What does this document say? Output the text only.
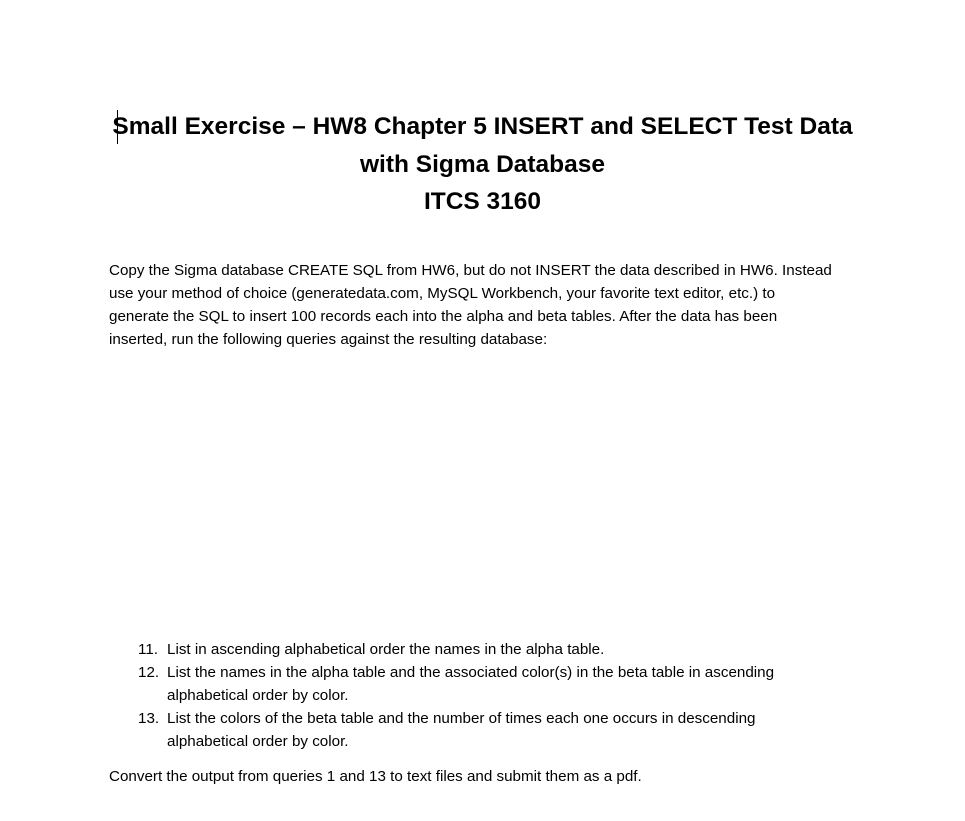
Small Exercise – HW8 Chapter 5 INSERT and SELECT Test Data
with Sigma Database
ITCS 3160
Copy the Sigma database CREATE SQL from HW6, but do not INSERT the data described in HW6. Instead
use your method of choice (generatedata.com, MySQL Workbench, your favorite text editor, etc.) to
generate the SQL to insert 100 records each into the alpha and beta tables. After the data has been
inserted, run the following queries against the resulting database:
11. List in ascending alphabetical order the names in the alpha table.
12. List the names in the alpha table and the associated color(s) in the beta table in ascending
alphabetical order by color.
13. List the colors of the beta table and the number of times each one occurs in descending
alphabetical order by color.
Convert the output from queries 1 and 13 to text files and submit them as a pdf.
